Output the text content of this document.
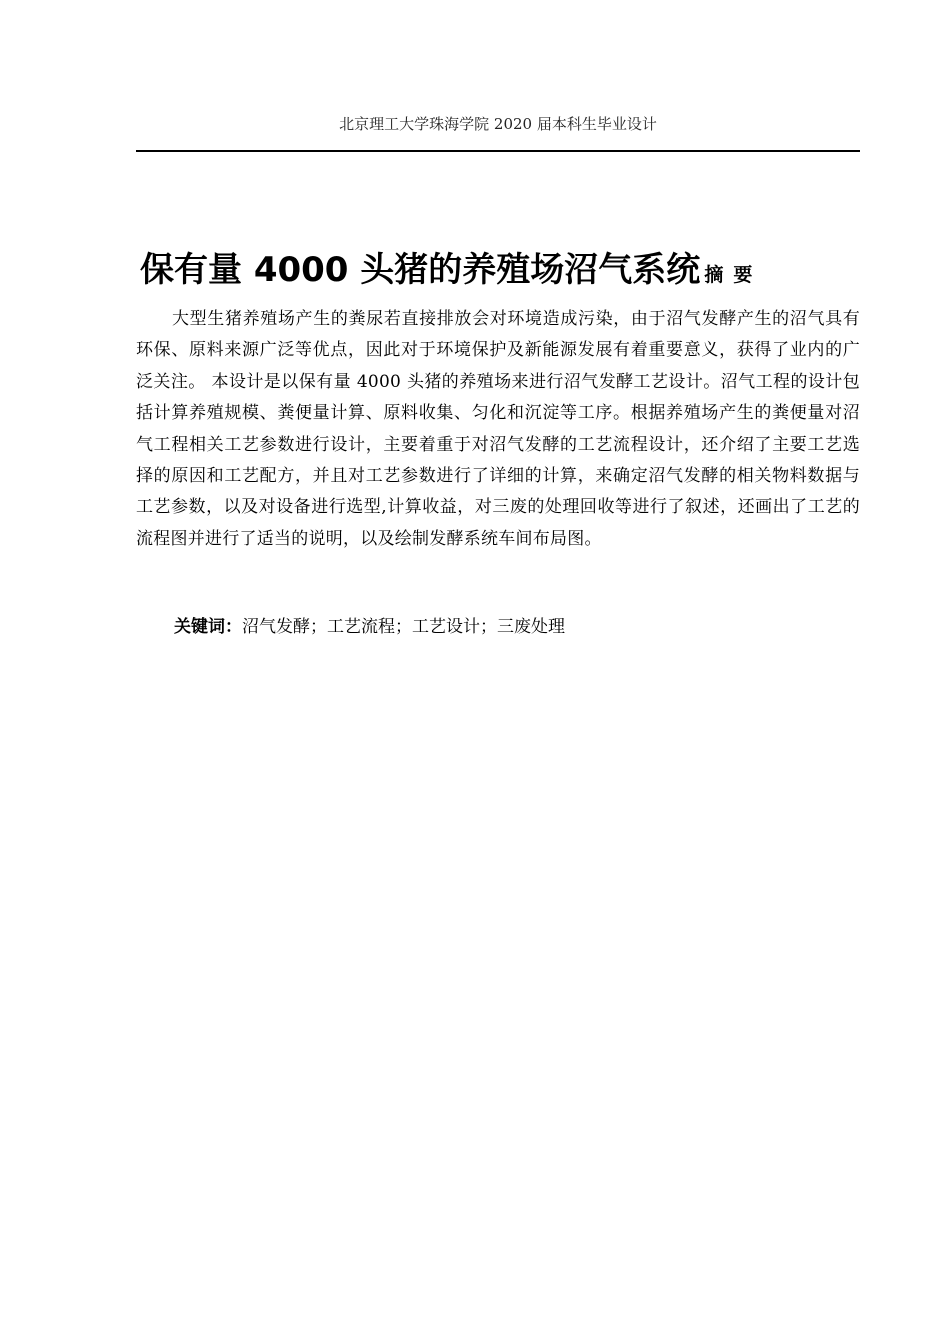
北京理工大学珠海学院 2020 届本科生毕业设计
保有量 4000 头猪的养殖场沼气系统 摘要

大型生猪养殖场产生的粪尿若直接排放会对环境造成污染，由于沼气发酵产生的沼气具有环保、原料来源广泛等优点，因此对于环境保护及新能源发展有着重要意义，获得了业内的广泛关注。 本设计是以保有量 4000 头猪的养殖场来进行沼气发酵工艺设计。沼气工程的设计包括计算养殖规模、粪便量计算、原料收集、匀化和沉淀等工序。根据养殖场产生的粪便量对沼气工程相关工艺参数进行设计，主要着重于对沼气发酵的工艺流程设计，还介绍了主要工艺选择的原因和工艺配方，并且对工艺参数进行了详细的计算，来确定沼气发酵的相关物料数据与工艺参数，以及对设备进行选型,计算收益，对三废的处理回收等进行了叙述，还画出了工艺的流程图并进行了适当的说明，以及绘制发酵系统车间布局图。

关键词：沼气发酵；工艺流程；工艺设计；三废处理
